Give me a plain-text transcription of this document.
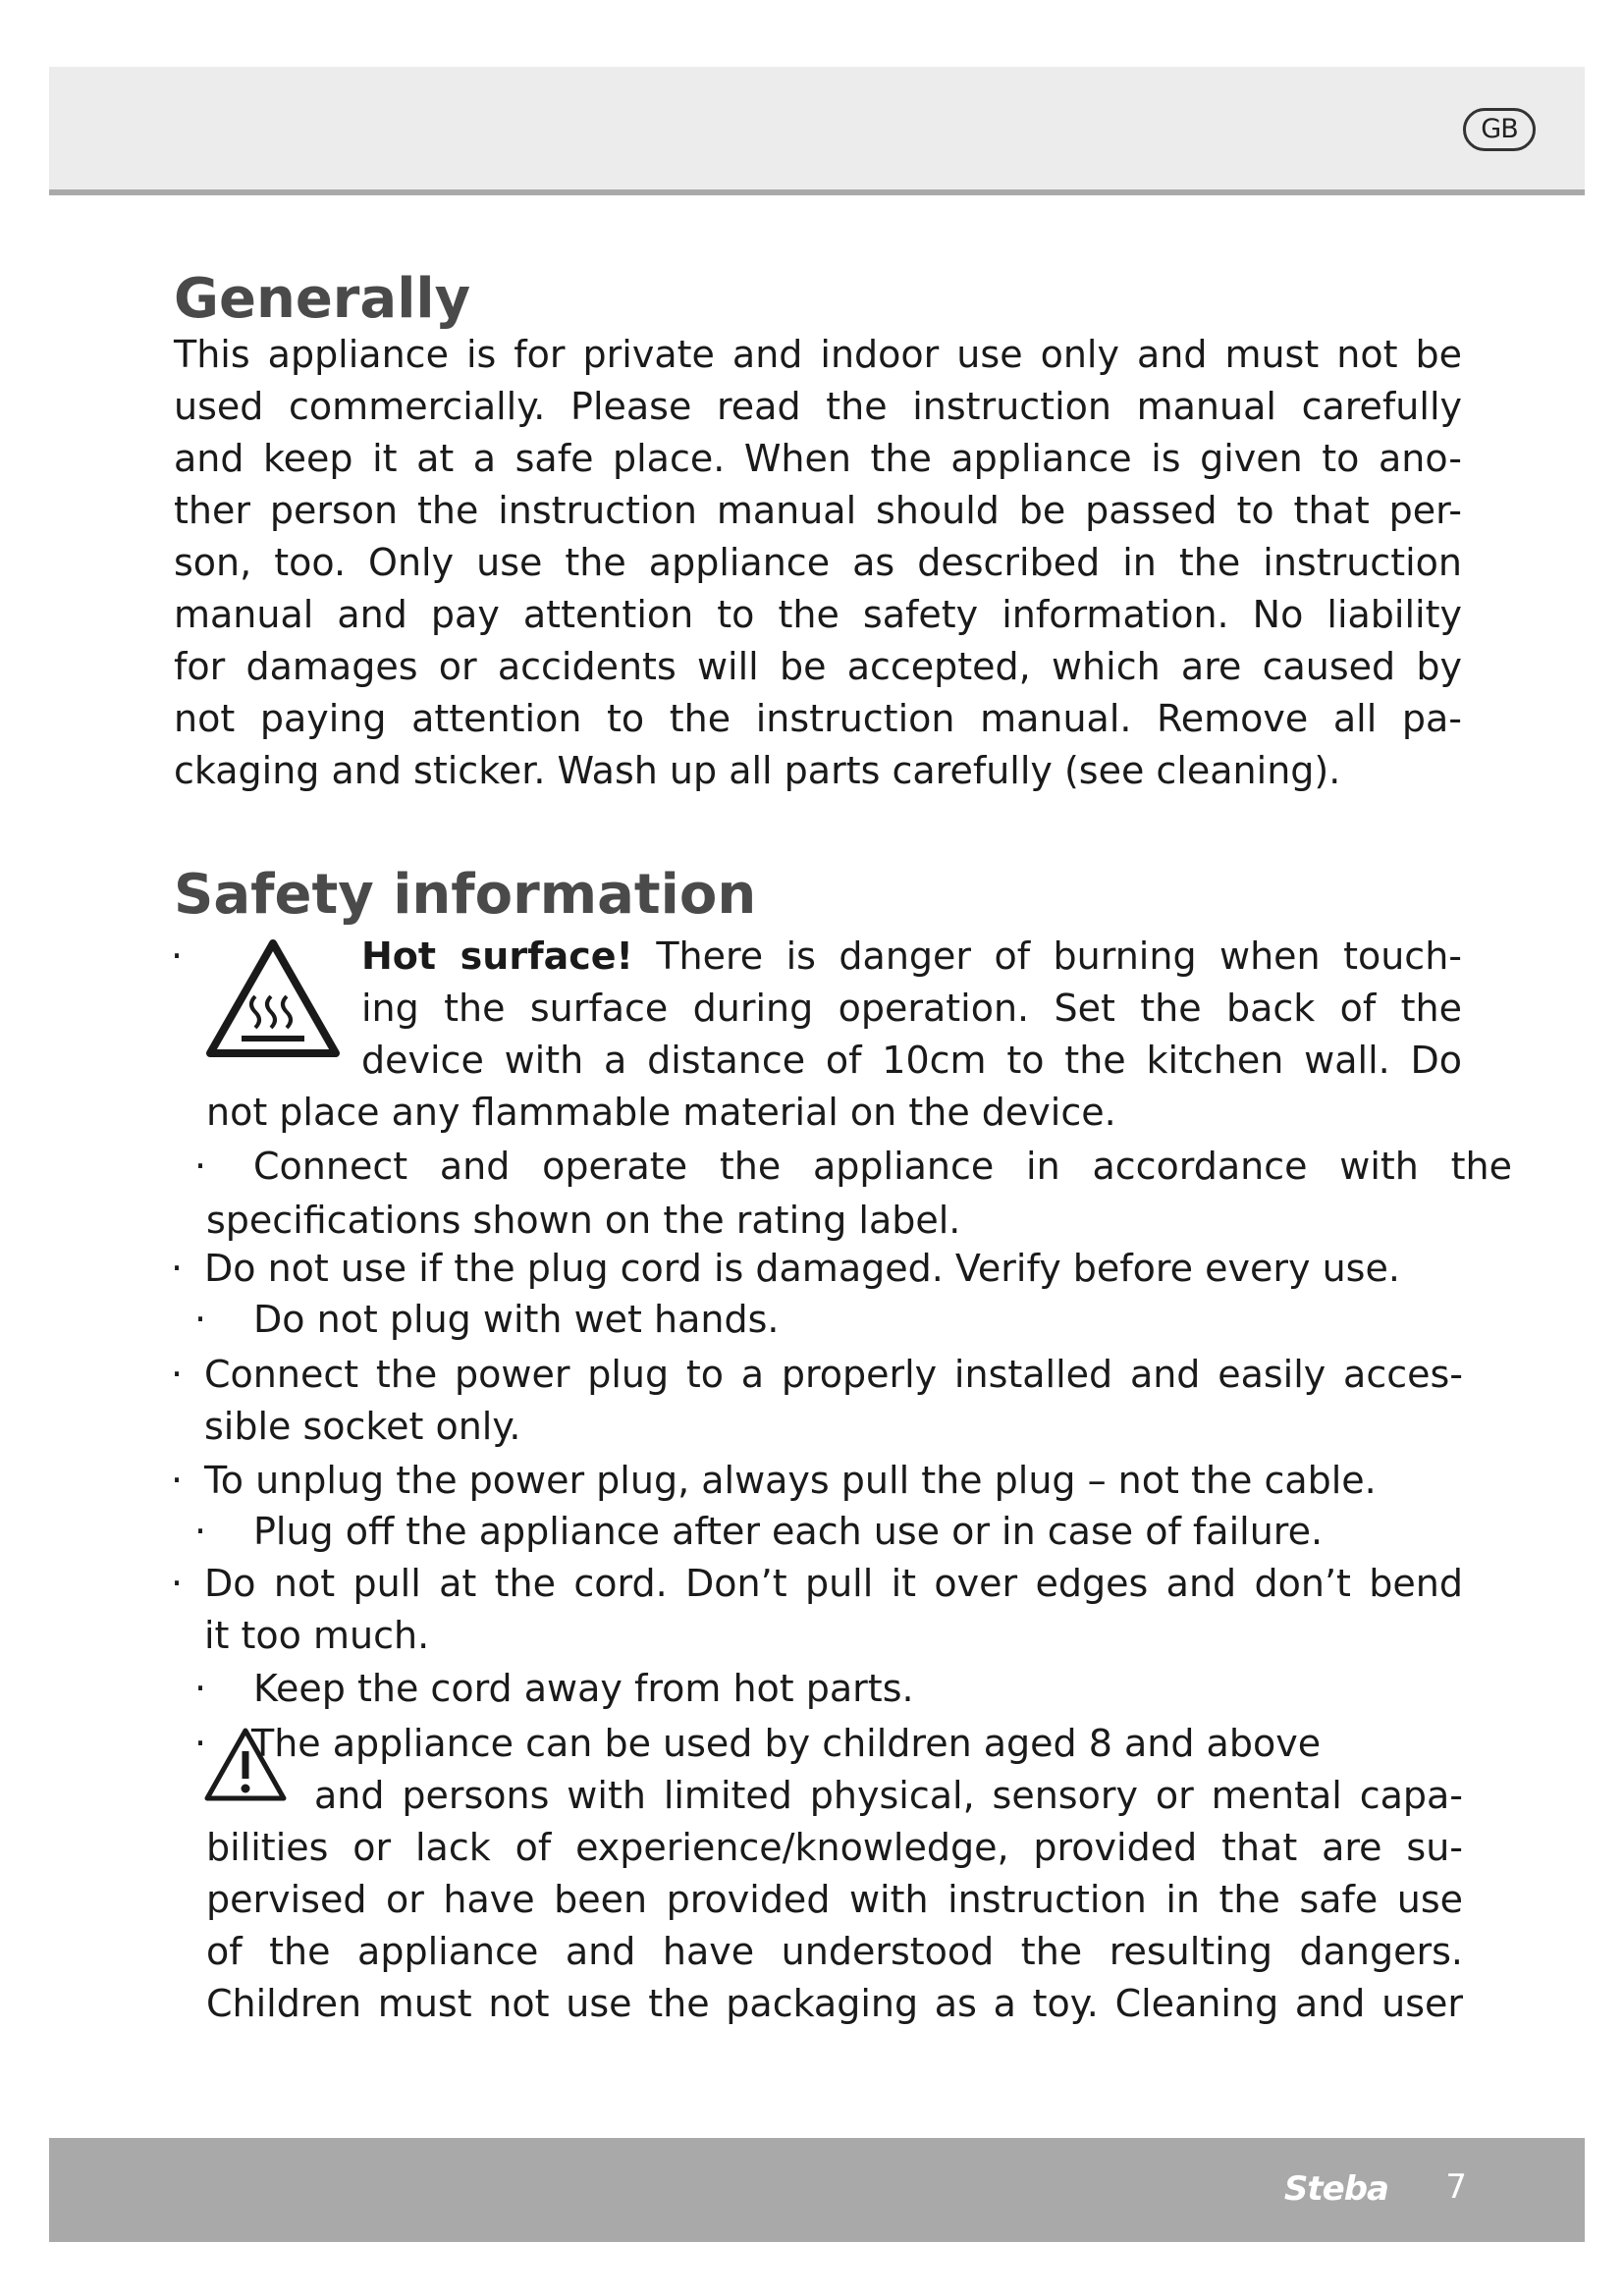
GB
Generally
This appliance is for private and indoor use only and must not be
used commercially. Please read the instruction manual carefully
and keep it at a safe place. When the appliance is given to ano-
ther person the instruction manual should be passed to that per-
son, too. Only use the appliance as described in the instruction
manual and pay attention to the safety information. No liability
for damages or accidents will be accepted, which are caused by
not paying attention to the instruction manual. Remove all pa-
ckaging and sticker. Wash up all parts carefully (see cleaning).
Safety information
·	Hot surface! There is danger of burning when touch-
ing the surface during operation. Set the back of the
device with a distance of 10cm to the kitchen wall. Do
not place any flammable material on the device.
· Connect and operate the appliance in accordance with the
specifications shown on the rating label.
· Do not use if the plug cord is damaged. Verify before every use.
· Do not plug with wet hands.
· Connect the power plug to a properly installed and easily acces-
sible socket only.
· To unplug the power plug, always pull the plug – not the cable.
· Plug off the appliance after each use or in case of failure.
· Do not pull at the cord. Don’t pull it over edges and don’t bend
it too much.
· Keep the cord away from hot parts.
· The appliance can be used by children aged 8 and above
and persons with limited physical, sensory or mental capa-
bilities or lack of experience/knowledge, provided that are su-
pervised or have been provided with instruction in the safe use
of the appliance and have understood the resulting dangers.
Children must not use the packaging as a toy. Cleaning and user
Steba 7
